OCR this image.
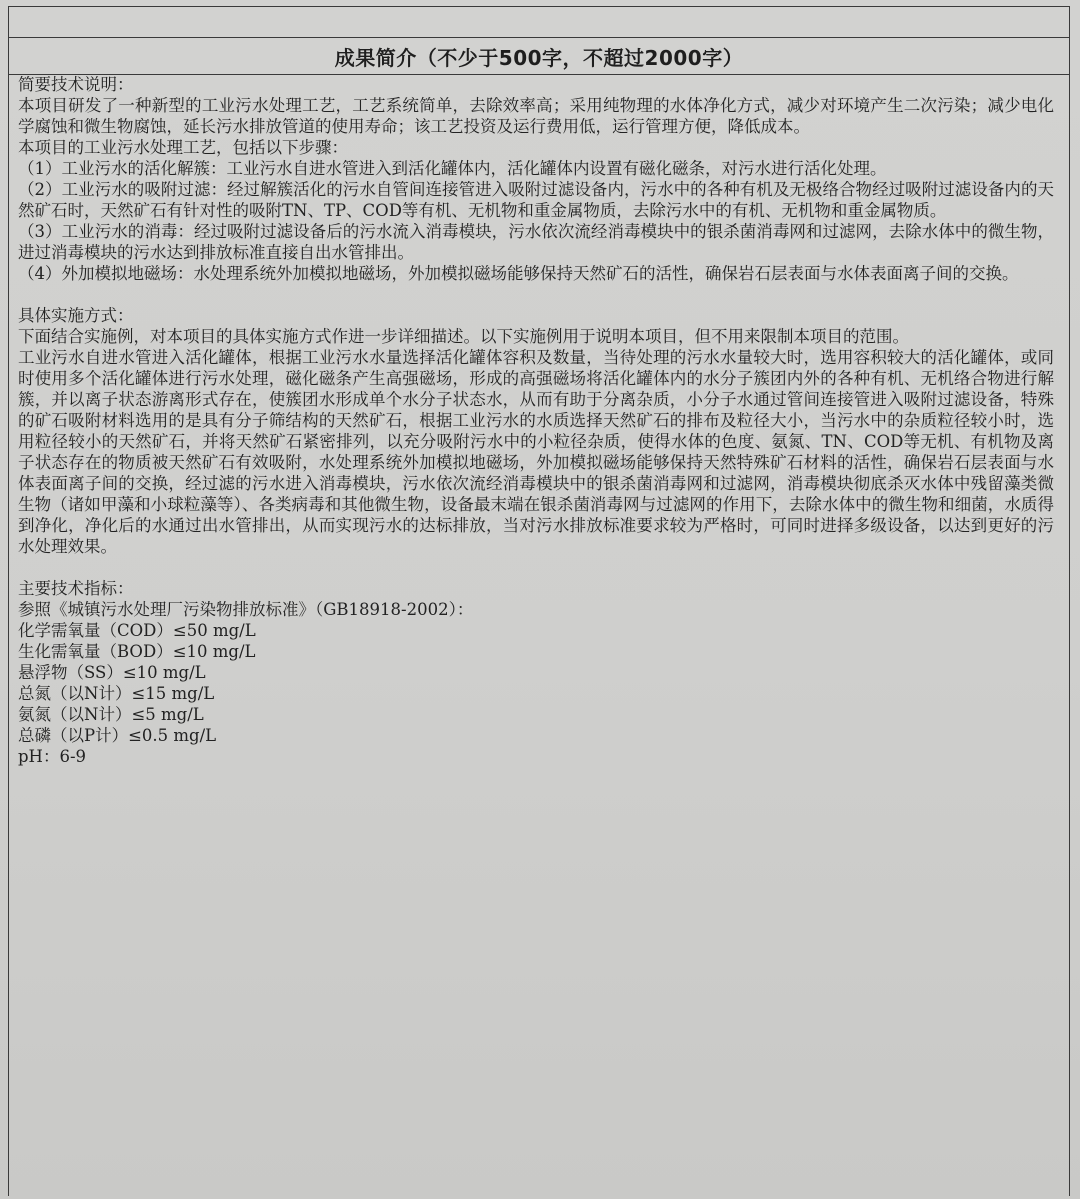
成果简介（不少于500字，不超过2000字）

简要技术说明：

本项目研发了一种新型的工业污水处理工艺，工艺系统简单，去除效率高；采用纯物理的水体净化方式，减少对环境产生二次污染；减少电化学腐蚀和微生物腐蚀，延长污水排放管道的使用寿命；该工艺投资及运行费用低，运行管理方便，降低成本。

本项目的工业污水处理工艺，包括以下步骤：

（1）工业污水的活化解簇：工业污水自进水管进入到活化罐体内，活化罐体内设置有磁化磁条，对污水进行活化处理。

（2）工业污水的吸附过滤：经过解簇活化的污水自管间连接管进入吸附过滤设备内，污水中的各种有机及无极络合物经过吸附过滤设备内的天然矿石时，天然矿石有针对性的吸附TN、TP、COD等有机、无机物和重金属物质，去除污水中的有机、无机物和重金属物质。

（3）工业污水的消毒：经过吸附过滤设备后的污水流入消毒模块，污水依次流经消毒模块中的银杀菌消毒网和过滤网，去除水体中的微生物，进过消毒模块的污水达到排放标准直接自出水管排出。

（4）外加模拟地磁场：水处理系统外加模拟地磁场，外加模拟磁场能够保持天然矿石的活性，确保岩石层表面与水体表面离子间的交换。

具体实施方式：

下面结合实施例，对本项目的具体实施方式作进一步详细描述。以下实施例用于说明本项目，但不用来限制本项目的范围。

工业污水自进水管进入活化罐体，根据工业污水水量选择活化罐体容积及数量，当待处理的污水水量较大时，选用容积较大的活化罐体，或同时使用多个活化罐体进行污水处理，磁化磁条产生高强磁场，形成的高强磁场将活化罐体内的水分子簇团内外的各种有机、无机络合物进行解簇，并以离子状态游离形式存在，使簇团水形成单个水分子状态水，从而有助于分离杂质，小分子水通过管间连接管进入吸附过滤设备，特殊的矿石吸附材料选用的是具有分子筛结构的天然矿石，根据工业污水的水质选择天然矿石的排布及粒径大小，当污水中的杂质粒径较小时，选用粒径较小的天然矿石，并将天然矿石紧密排列，以充分吸附污水中的小粒径杂质，使得水体的色度、氨氮、TN、COD等无机、有机物及离子状态存在的物质被天然矿石有效吸附，水处理系统外加模拟地磁场，外加模拟磁场能够保持天然特殊矿石材料的活性，确保岩石层表面与水体表面离子间的交换，经过滤的污水进入消毒模块，污水依次流经消毒模块中的银杀菌消毒网和过滤网，消毒模块彻底杀灭水体中残留藻类微生物（诸如甲藻和小球粒藻等）、各类病毒和其他微生物，设备最末端在银杀菌消毒网与过滤网的作用下，去除水体中的微生物和细菌，水质得到净化，净化后的水通过出水管排出，从而实现污水的达标排放，当对污水排放标准要求较为严格时，可同时进择多级设备，以达到更好的污水处理效果。

主要技术指标：

参照《城镇污水处理厂污染物排放标准》（GB18918-2002）：

化学需氧量（COD）≤50 mg/L

生化需氧量（BOD）≤10 mg/L

悬浮物（SS）≤10 mg/L

总氮（以N计）≤15 mg/L

氨氮（以N计）≤5 mg/L

总磷（以P计）≤0.5 mg/L

pH：6-9
